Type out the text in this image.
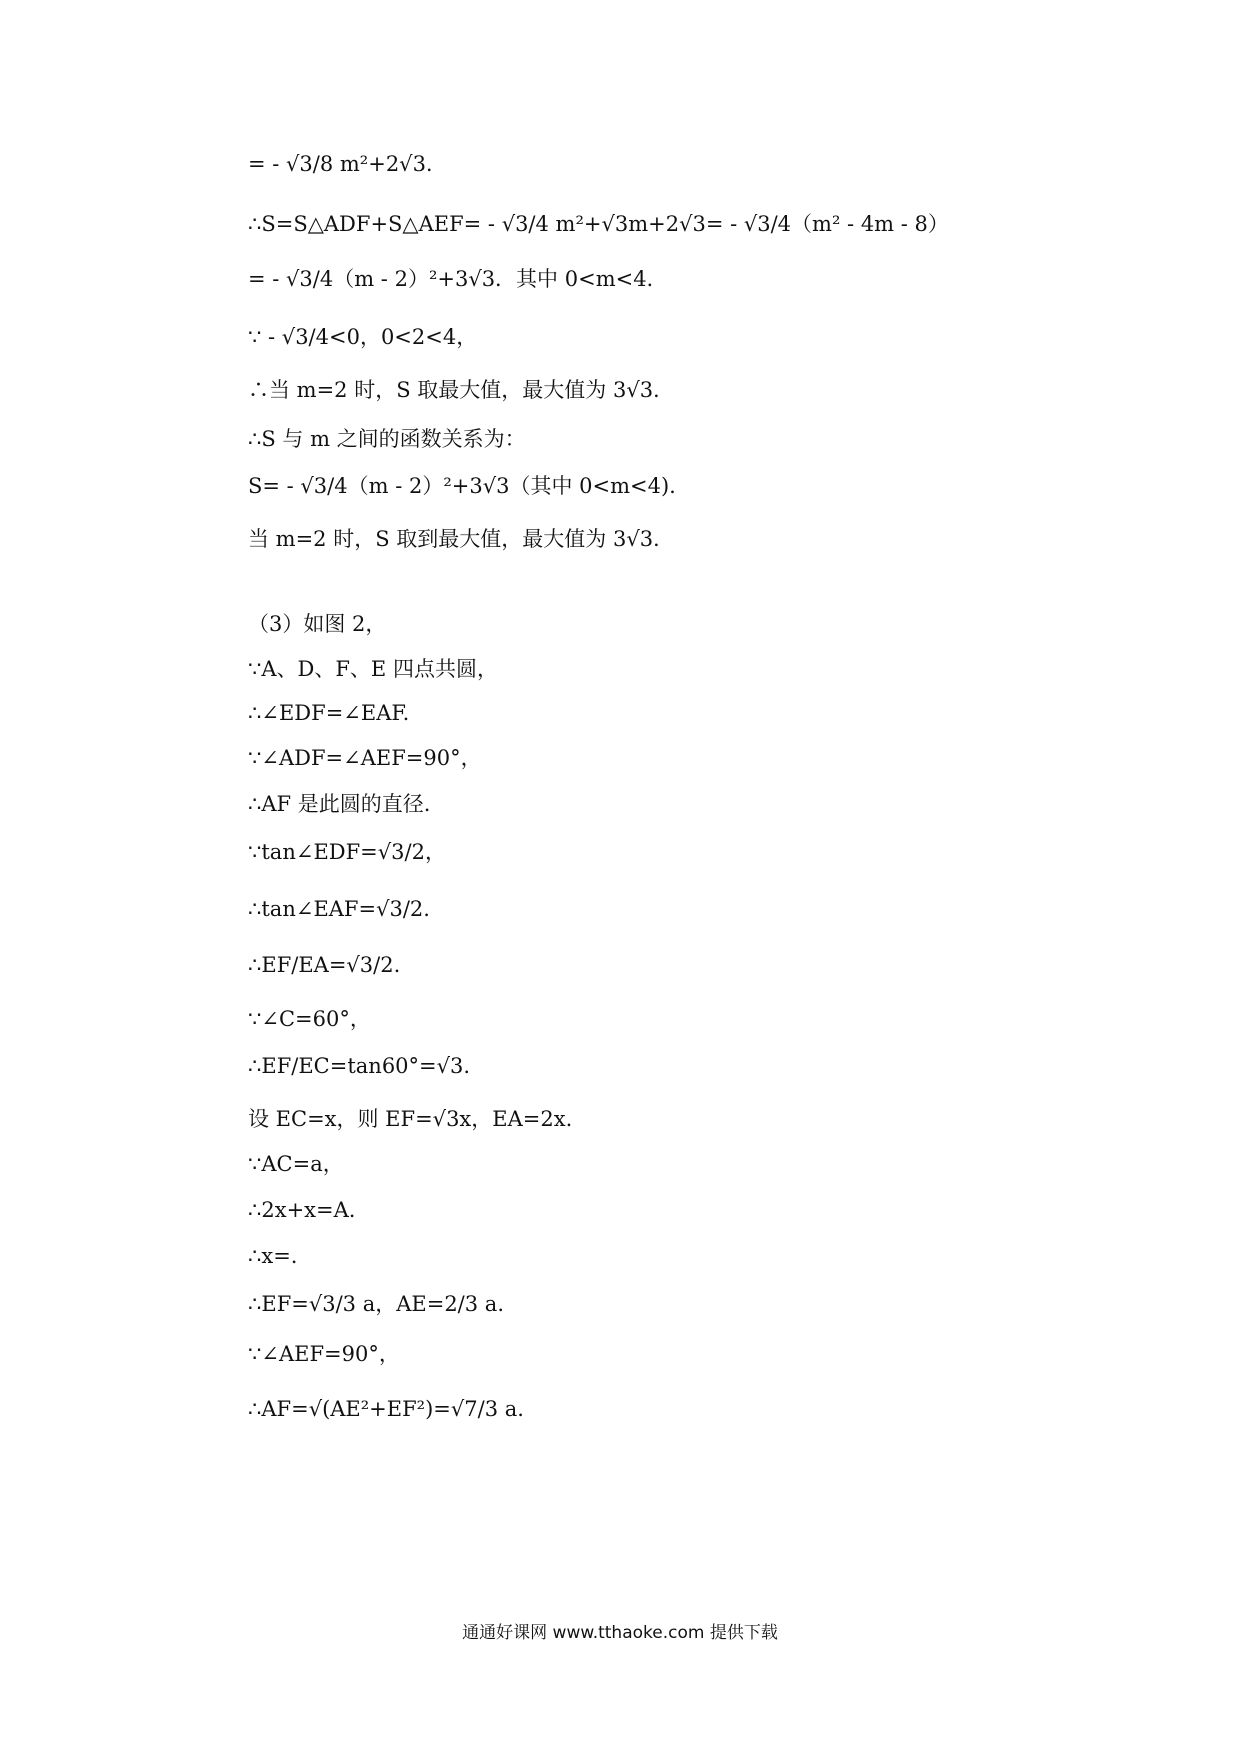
= - √3/8 m²+2√3.
∴S=S△ADF+S△AEF= - √3/4 m²+√3m+2√3= - √3/4（m² - 4m - 8）
= - √3/4（m - 2）²+3√3．其中 0<m<4.
∵ - √3/4<0，0<2<4，
∴当 m=2 时，S 取最大值，最大值为 3√3.
∴S 与 m 之间的函数关系为：
S= - √3/4（m - 2）²+3√3（其中 0<m<4).
当 m=2 时，S 取到最大值，最大值为 3√3.
（3）如图 2，
∵A、D、F、E 四点共圆，
∴∠EDF=∠EAF.
∵∠ADF=∠AEF=90°，
∴AF 是此圆的直径.
∵tan∠EDF=√3/2，
∴tan∠EAF=√3/2.
∴EF/EA=√3/2.
∵∠C=60°，
∴EF/EC=tan60°=√3.
设 EC=x，则 EF=√3x，EA=2x.
∵AC=a，
∴2x+x=A.
∴x=.
∴EF=√3/3 a，AE=2/3 a.
∵∠AEF=90°，
∴AF=√(AE²+EF²)=√7/3 a.
通通好课网 www.tthaoke.com 提供下载
